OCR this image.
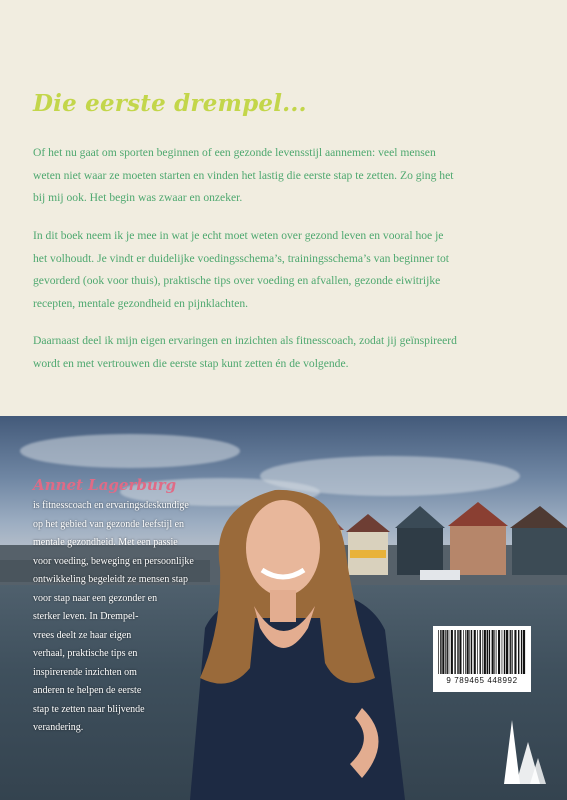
Die eerste drempel...

Of het nu gaat om sporten beginnen of een gezonde levensstijl aannemen: veel mensen
weten niet waar ze moeten starten en vinden het lastig die eerste stap te zetten. Zo ging het
bij mij ook. Het begin was zwaar en onzeker.

In dit boek neem ik je mee in wat je echt moet weten over gezond leven en vooral hoe je
het volhoudt. Je vindt er duidelijke voedingsschema’s, trainingsschema’s van beginner tot
gevorderd (ook voor thuis), praktische tips over voeding en afvallen, gezonde eiwitrijke
recepten, mentale gezondheid en pijnklachten.

Daarnaast deel ik mijn eigen ervaringen en inzichten als fitnesscoach, zodat jij geïnspireerd
wordt en met vertrouwen die eerste stap kunt zetten én de volgende.

Annet Lagerburg

is fitnesscoach en ervaringsdeskundige
op het gebied van gezonde leefstijl en
mentale gezondheid. Met een passie
voor voeding, beweging en persoonlijke
ontwikkeling begeleidt ze mensen stap
voor stap naar een gezonder en
sterker leven. In Drempel-
vrees deelt ze haar eigen
verhaal, praktische tips en
inspirerende inzichten om
anderen te helpen de eerste
stap te zetten naar blijvende
verandering.

9 789465 448992
